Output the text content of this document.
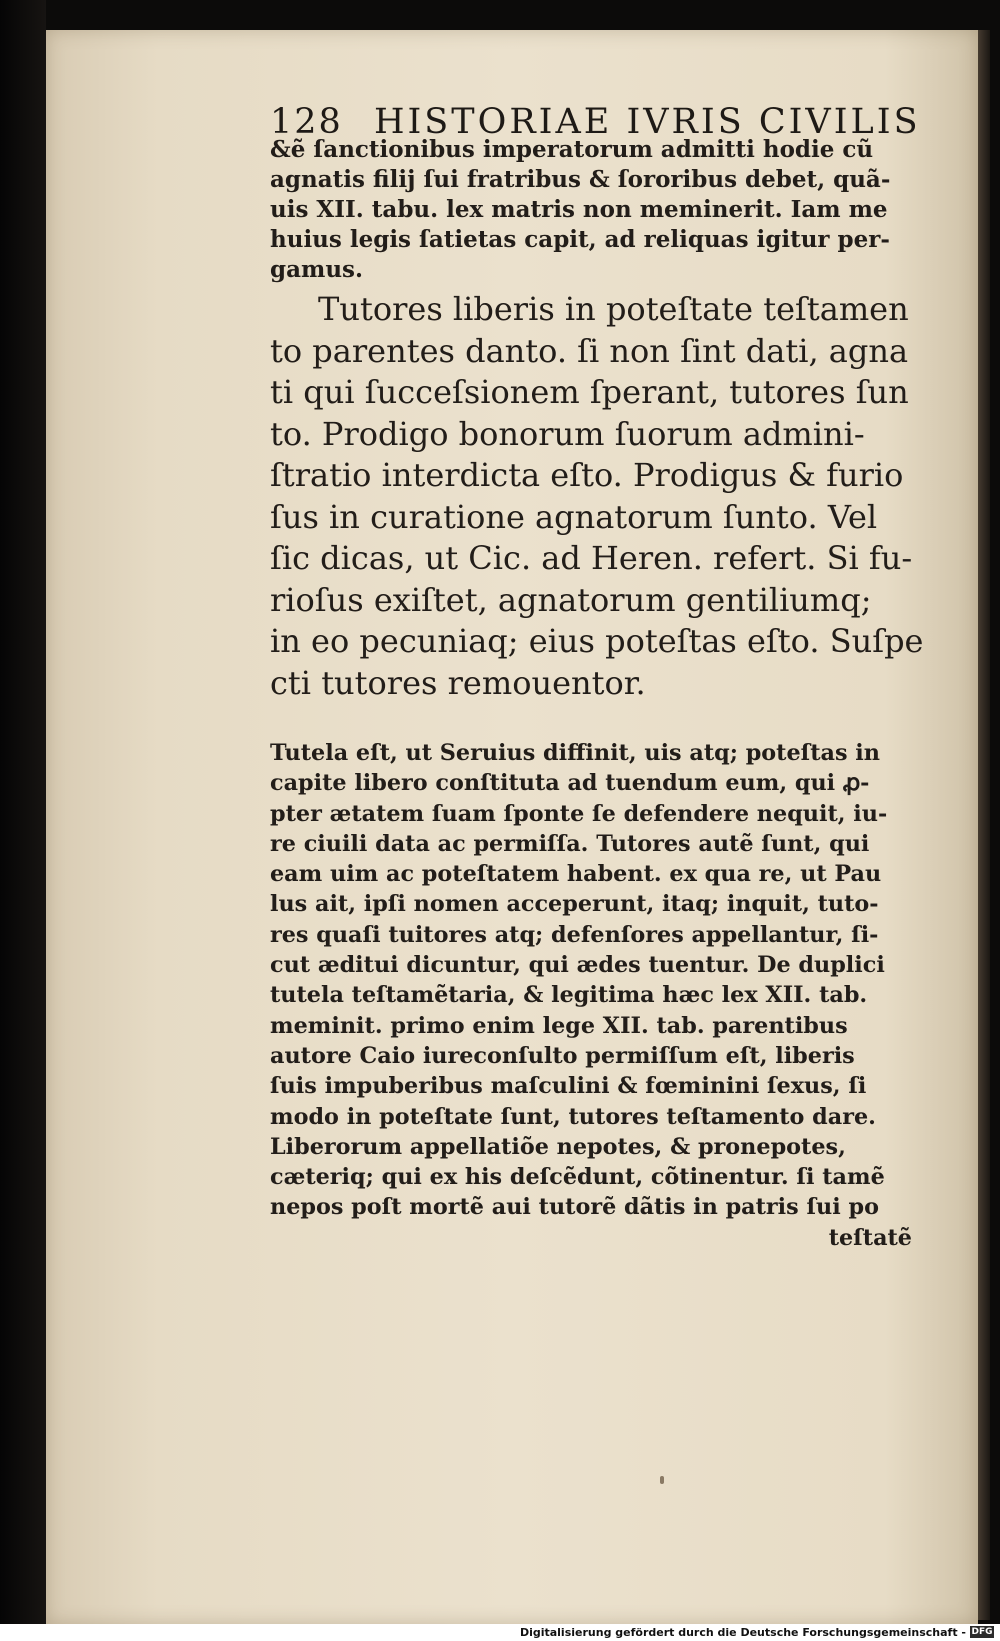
128 HISTORIAE IVRIS CIVILIS
&ẽ ſanctionibus imperatorum admitti hodie cũ
agnatis filij ſui fratribus & ſororibus debet, quã-
uis XII. tabu. lex matris non meminerit. Iam me
huius legis ſatietas capit, ad reliquas igitur per-
gamus.
Tutores liberis in poteſtate teſtamen
to parentes danto. ſi non ſint dati, agna
ti qui ſucceſsionem ſperant, tutores ſun
to. Prodigo bonorum ſuorum admini-
ſtratio interdicta eſto. Prodigus & furio
ſus in curatione agnatorum ſunto. Vel
ſic dicas, ut Cic. ad Heren. refert. Si fu-
rioſus exiſtet, agnatorum gentiliumq;
in eo pecuniaq; eius poteſtas eſto. Suſpe
cti tutores remouentor.
Tutela eſt, ut Seruius diffinit, uis atq; poteſtas in
capite libero conſtituta ad tuendum eum, qui ꝓ-
pter ætatem ſuam ſponte ſe defendere nequit, iu-
re ciuili data ac permiſſa. Tutores autẽ ſunt, qui
eam uim ac poteſtatem habent. ex qua re, ut Pau
lus ait, ipſi nomen acceperunt, itaq; inquit, tuto-
res quaſi tuitores atq; defenſores appellantur, ſi-
cut æditui dicuntur, qui ædes tuentur. De duplici
tutela teſtamẽtaria, & legitima hæc lex XII. tab.
meminit. primo enim lege XII. tab. parentibus
autore Caio iureconſulto permiſſum eſt, liberis
ſuis impuberibus maſculini & fœminini ſexus, ſi
modo in poteſtate ſunt, tutores teſtamento dare.
Liberorum appellatiõe nepotes, & pronepotes,
cæteriq; qui ex his deſcẽdunt, cõtinentur. ſi tamẽ
nepos poſt mortẽ aui tutorẽ dãtis in patris ſui po
teſtatẽ
Digitalisierung gefördert durch die Deutsche Forschungsgemeinschaft - DFG
